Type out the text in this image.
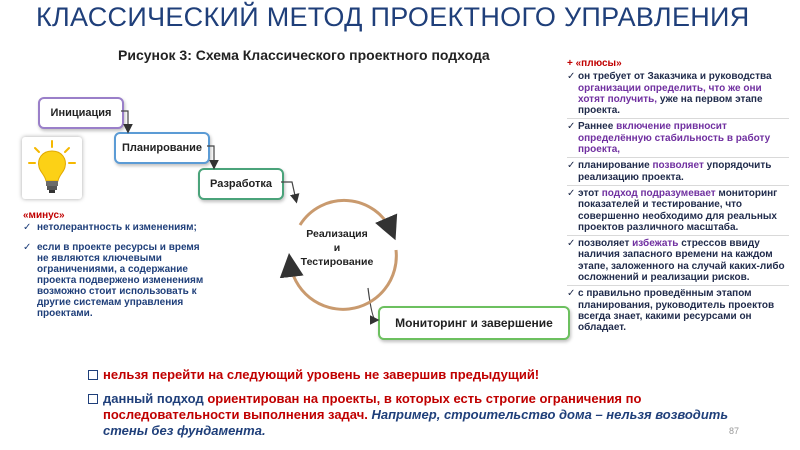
КЛАССИЧЕСКИЙ МЕТОД ПРОЕКТНОГО УПРАВЛЕНИЯ
Рисунок 3: Схема Классического проектного подхода
Инициация
Планирование
Разработка
Мониторинг и завершение
Реализация
и
Тестирование
«минус»
✓ нетолерантность к изменениям;
✓ если в проекте ресурсы и время не являются ключевыми ограничениями, а содержание проекта подвержено изменениям возможно стоит использовать к другие системам управления проектами.
+ «плюсы»
✓ он требует от Заказчика и руководства организации определить, что же они хотят получить, уже на первом этапе проекта.
✓ Раннее включение привносит определённую стабильность в работу проекта,
✓ планирование позволяет упорядочить реализацию проекта.
✓ этот подход подразумевает мониторинг показателей и тестирование, что совершенно необходимо для реальных проектов различного масштаба.
✓ позволяет избежать стрессов ввиду наличия запасного времени на каждом этапе, заложенного на случай каких-либо осложнений и реализации рисков.
✓ с правильно проведённым этапом планирования, руководитель проектов всегда знает, какими ресурсами он обладает.
нельзя перейти на следующий уровень не завершив предыдущий!
данный подход ориентирован на проекты, в которых есть строгие ограничения по последовательности выполнения задач. Например, строительство дома – нельзя возводить стены без фундамента.	87
